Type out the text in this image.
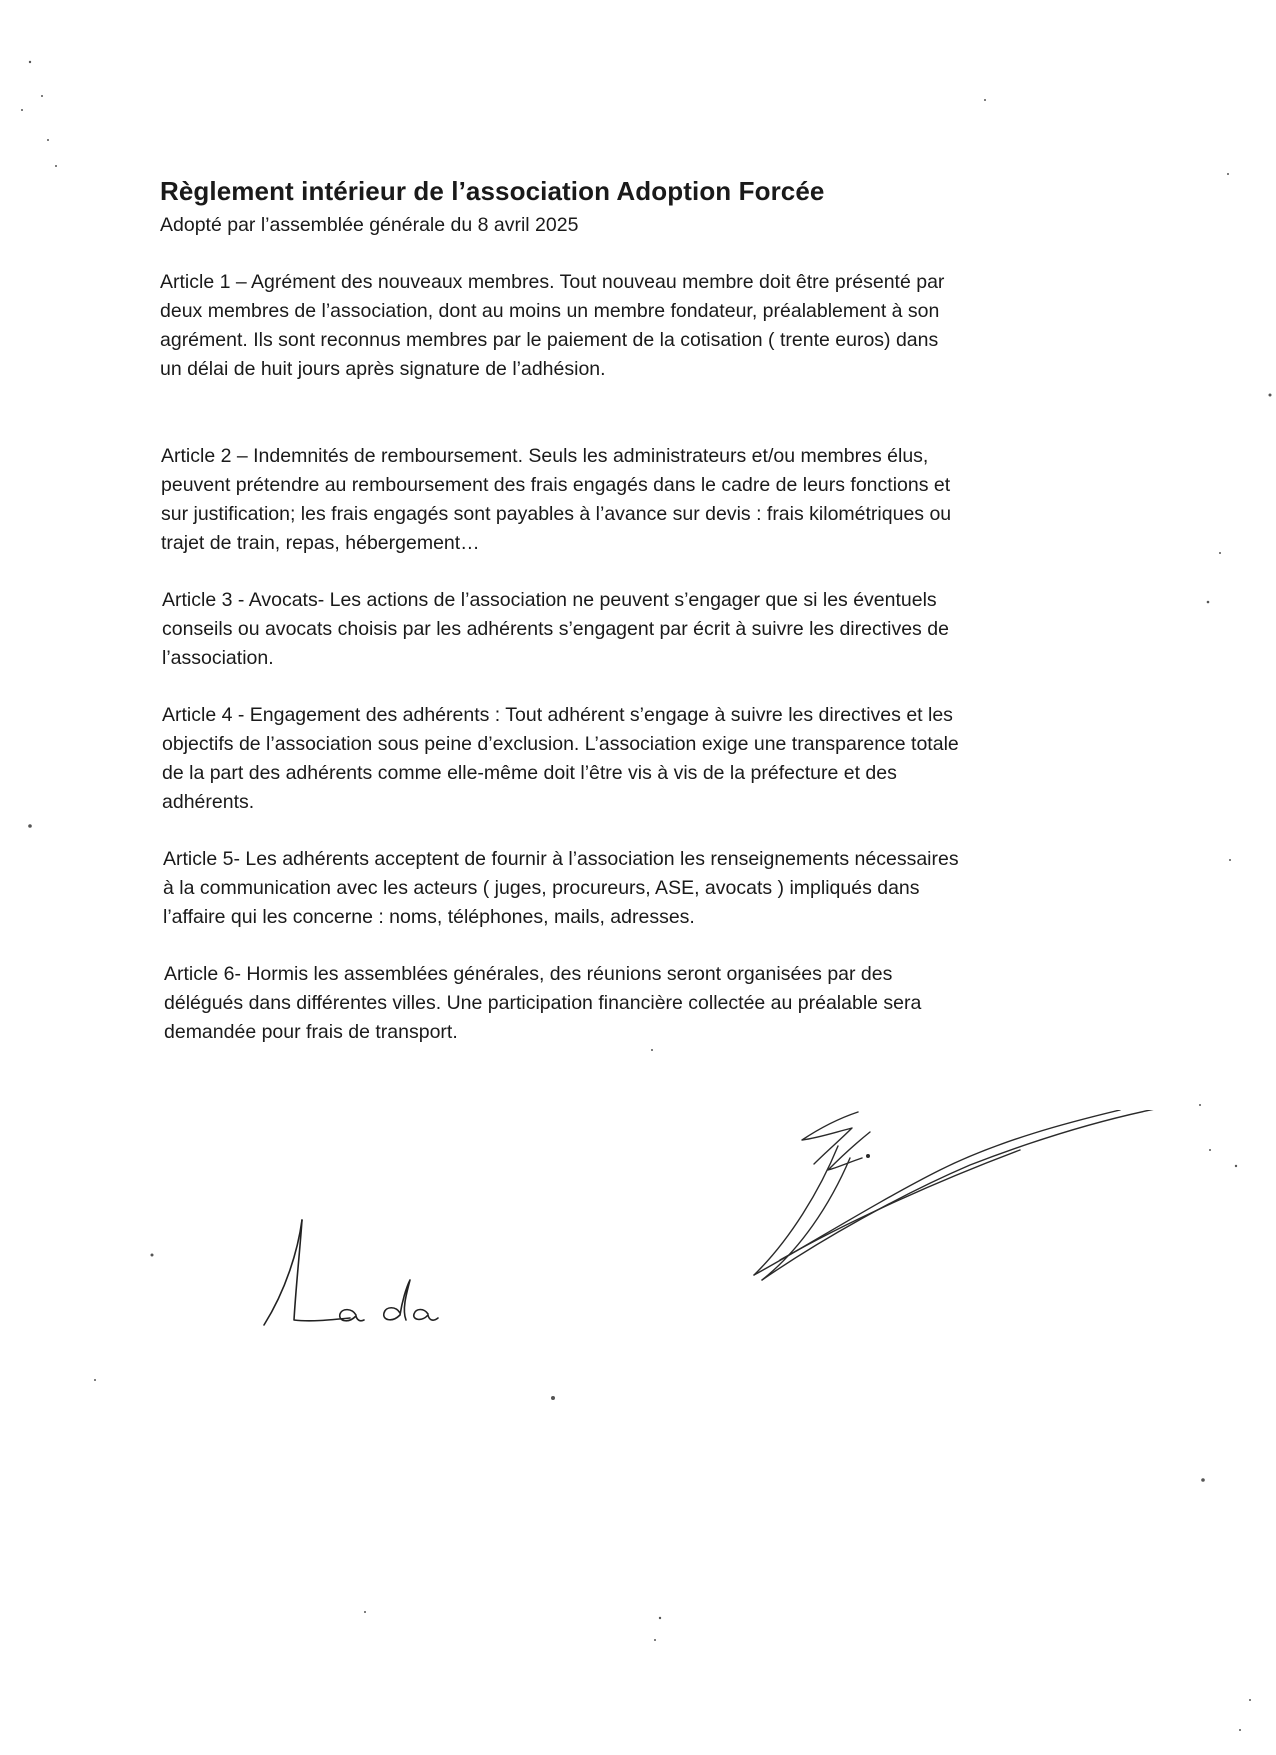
Règlement intérieur de l’association Adoption Forcée

Adopté par l’assemblée générale du 8 avril 2025

Article 1 – Agrément des nouveaux membres. Tout nouveau membre doit être présenté par
deux membres de l’association, dont au moins un membre fondateur, préalablement à son
agrément. Ils sont reconnus membres par le paiement de la cotisation ( trente euros) dans
un délai de huit jours après signature de l’adhésion.
Article 2 – Indemnités de remboursement. Seuls les administrateurs et/ou membres élus,
peuvent prétendre au remboursement des frais engagés dans le cadre de leurs fonctions et
sur justification; les frais engagés sont payables à l’avance sur devis : frais kilométriques ou
trajet de train, repas, hébergement…
Article 3 - Avocats- Les actions de l’association ne peuvent s’engager que si les éventuels
conseils ou avocats choisis par les adhérents s’engagent par écrit à suivre les directives de
l’association.
Article 4 - Engagement des adhérents : Tout adhérent s’engage à suivre les directives et les
objectifs de l’association sous peine d’exclusion. L’association exige une transparence totale
de la part des adhérents comme elle-même doit l’être vis à vis de la préfecture et des
adhérents.
Article 5- Les adhérents acceptent de fournir à l’association les renseignements nécessaires
à la communication avec les acteurs ( juges, procureurs, ASE, avocats ) impliqués dans
l’affaire qui les concerne : noms, téléphones, mails, adresses.
Article 6- Hormis les assemblées générales, des réunions seront organisées par des
délégués dans différentes villes. Une participation financière collectée au préalable sera
demandée pour frais de transport.
